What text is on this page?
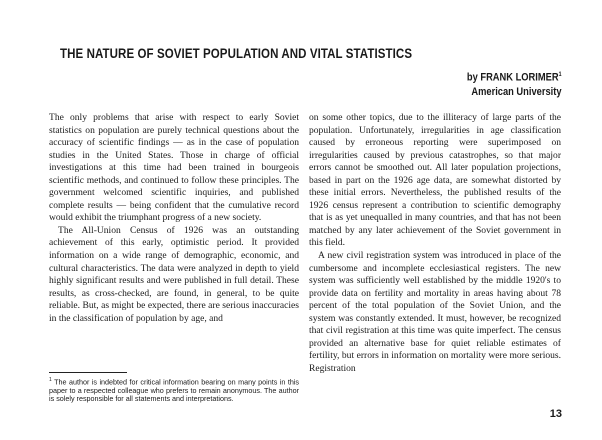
THE NATURE OF SOVIET POPULATION AND VITAL STATISTICS
by FRANK LORIMER$^1$
American University

The only problems that arise with respect to early Soviet statistics on population are purely technical questions about the accuracy of scientific findings — as in the case of population studies in the United States. Those in charge of official investigations at this time had been trained in bourgeois scientific methods, and continued to follow these principles. The government welcomed scientific inquiries, and published complete results — being confident that the cumulative record would exhibit the triumphant progress of a new society.

The All-Union Census of 1926 was an outstanding achievement of this early, optimistic period. It provided information on a wide range of demographic, economic, and cultural characteristics. The data were analyzed in depth to yield highly significant results and were published in full detail. These results, as cross-checked, are found, in general, to be quite reliable. But, as might be expected, there are serious inaccuracies in the classification of population by age, and

on some other topics, due to the illiteracy of large parts of the population. Unfortunately, irregularities in age classification caused by erroneous reporting were superimposed on irregularities caused by previous catastrophes, so that major errors cannot be smoothed out. All later population projections, based in part on the 1926 age data, are somewhat distorted by these initial errors. Nevertheless, the published results of the 1926 census represent a contribution to scientific demography that is as yet unequalled in many countries, and that has not been matched by any later achievement of the Soviet government in this field.

A new civil registration system was introduced in place of the cumbersome and incomplete ecclesiastical registers. The new system was sufficiently well established by the middle 1920's to provide data on fertility and mortality in areas having about 78 percent of the total population of the Soviet Union, and the system was constantly extended. It must, however, be recognized that civil registration at this time was quite imperfect. The census provided an alternative base for quiet reliable estimates of fertility, but errors in information on mortality were more serious. Registration

$^1$ The author is indebted for critical information bearing on many points in this paper to a respected colleague who prefers to remain anonymous. The author is solely responsible for all statements and interpretations.
13
